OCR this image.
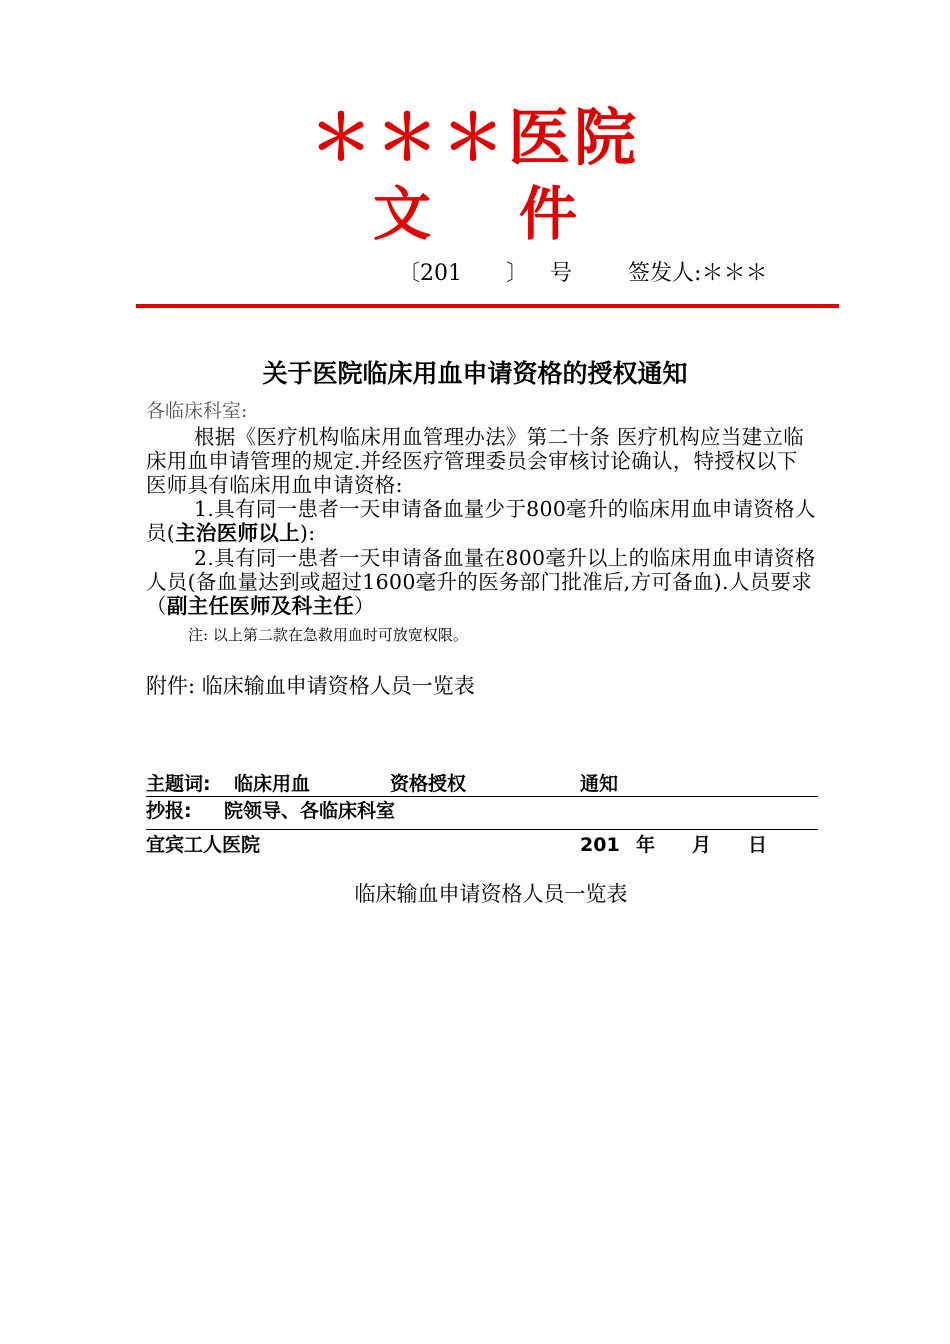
＊＊＊医院
文 件
〔201 〕 号	签发人:＊＊＊
关于医院临床用血申请资格的授权通知
各临床科室:
根据《医疗机构临床用血管理办法》第二十条 医疗机构应当建立临床用血申请管理的规定.并经医疗管理委员会审核讨论确认，特授权以下医师具有临床用血申请资格:
1.具有同一患者一天申请备血量少于800毫升的临床用血申请资格人员(主治医师以上):
2.具有同一患者一天申请备血量在800毫升以上的临床用血申请资格人员(备血量达到或超过1600毫升的医务部门批准后,方可备血).人员要求（副主任医师及科主任）
注: 以上第二款在急救用血时可放宽权限。
附件: 临床输血申请资格人员一览表
主题词: 临床用血	资格授权	通知
抄报: 院领导、各临床科室
宜宾工人医院	201 年 月 日
临床输血申请资格人员一览表
